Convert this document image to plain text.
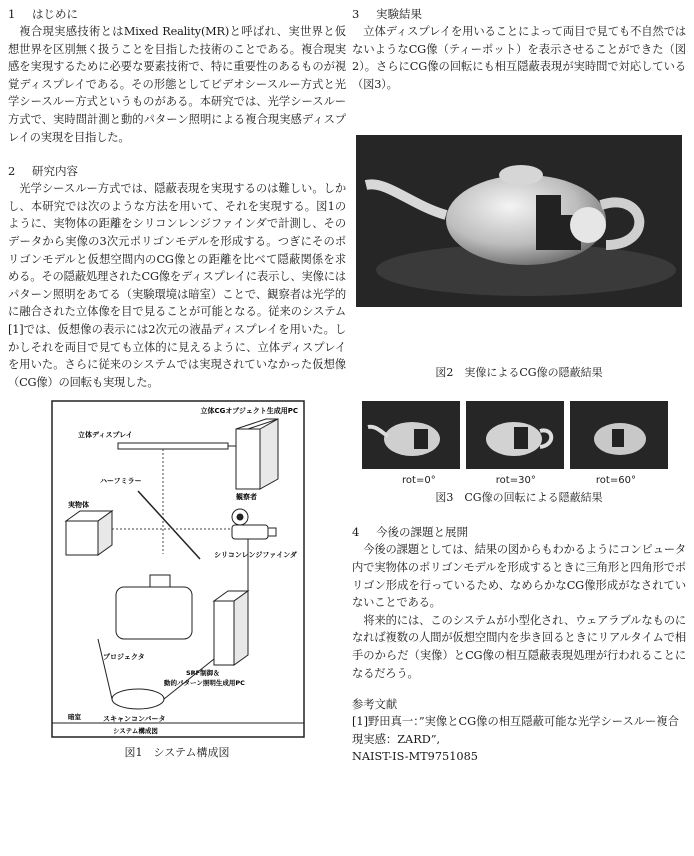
1 はじめに

複合現実感技術とはMixed Reality(MR)と呼ばれ、実世界と仮想世界を区別無く扱うことを目指した技術のことである。複合現実感を実現するために必要な要素技術で、特に重要性のあるものが視覚ディスプレイである。その形態としてビデオシースルー方式と光学シースルー方式というものがある。本研究では、光学シースルー方式で、実時間計測と動的パターン照明による複合現実感ディスプレイの実現を目指した。

2 研究内容

光学シースルー方式では、隠蔽表現を実現するのは難しい。しかし、本研究では次のような方法を用いて、それを実現する。図1のように、実物体の距離をシリコンレンジファインダで計測し、そのデータから実像の3次元ポリゴンモデルを形成する。つぎにそのポリゴンモデルと仮想空間内のCG像との距離を比べて隠蔽関係を求める。その隠蔽処理されたCG像をディスプレイに表示し、実像にはパターン照明をあてる（実験環境は暗室）ことで、観察者は光学的に融合された立体像を目で見ることが可能となる。従来のシステム[1]では、仮想像の表示には2次元の液晶ディスプレイを用いた。しかしそれを両目で見ても立体的に見えるように、立体ディスプレイを用いた。さらに従来のシステムでは実現されていなかった仮想像（CG像）の回転も実現した。

立体CGオブジェクト生成用PC
立体ディスプレイ
ハーフミラー
実物体
観察者
シリコンレンジファインダ
プロジェクタ
SRF制御＆
動的パターン照明生成用PC
スキャンコンバータ
暗室
システム構成図
図1　システム構成図
3 実験結果

立体ディスプレイを用いることによって両目で見ても不自然ではないようなCG像（ティーポット）を表示させることができた（図2）。さらにCG像の回転にも相互隠蔽表現が実時間で対応している（図3）。

図2　実像によるCG像の隠蔽結果
rot=0°	rot=30°	rot=60°
図3　CG像の回転による隠蔽結果
4 今後の課題と展開

今後の課題としては、結果の図からもわかるようにコンピュータ内で実物体のポリゴンモデルを形成するときに三角形と四角形でポリゴン形成を行っているため、なめらかなCG像形成がなされていないことである。

将来的には、このシステムが小型化され、ウェアラブルなものになれば複数の人間が仮想空間内を歩き回るときにリアルタイムで相手のからだ（実像）とCG像の相互隠蔽表現処理が行われることになるだろう。

参考文献

[1]野田真一：”実像とCG像の相互隠蔽可能な光学シースルー複合現実感：ZARD”,

NAIST-IS-MT9751085
